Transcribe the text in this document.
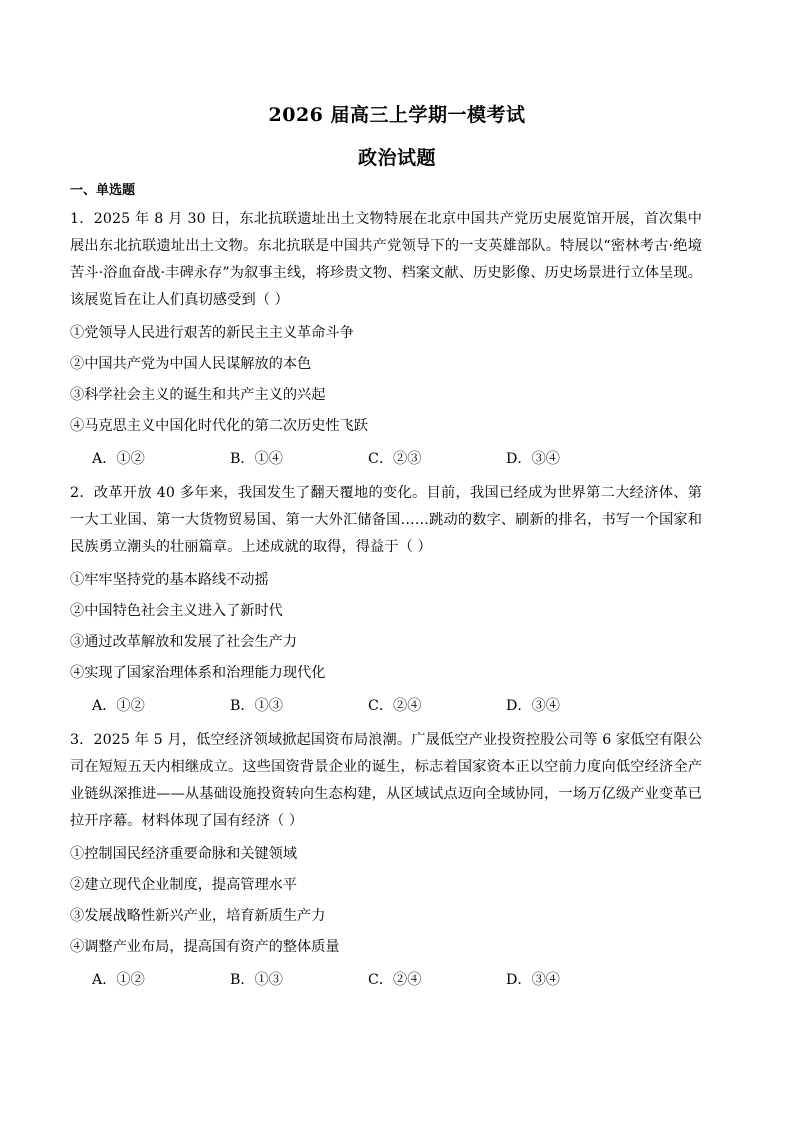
2026 届高三上学期一模考试
政治试题
一、单选题

1．2025 年 8 月 30 日，东北抗联遗址出土文物特展在北京中国共产党历史展览馆开展，首次集中展出东北抗联遗址出土文物。东北抗联是中国共产党领导下的一支英雄部队。特展以“密林考古·绝境苦斗·浴血奋战·丰碑永存”为叙事主线，将珍贵文物、档案文献、历史影像、历史场景进行立体呈现。该展览旨在让人们真切感受到（ ）

①党领导人民进行艰苦的新民主主义革命斗争
②中国共产党为中国人民谋解放的本色
③科学社会主义的诞生和共产主义的兴起
④马克思主义中国化时代化的第二次历史性飞跃
A．①②	B．①④	C．②③	D．③④

2．改革开放 40 多年来，我国发生了翻天覆地的变化。目前，我国已经成为世界第二大经济体、第一大工业国、第一大货物贸易国、第一大外汇储备国……跳动的数字、刷新的排名，书写一个国家和民族勇立潮头的壮丽篇章。上述成就的取得，得益于（ ）

①牢牢坚持党的基本路线不动摇
②中国特色社会主义进入了新时代
③通过改革解放和发展了社会生产力
④实现了国家治理体系和治理能力现代化
A．①②	B．①③	C．②④	D．③④

3．2025 年 5 月，低空经济领域掀起国资布局浪潮。广晟低空产业投资控股公司等 6 家低空有限公司在短短五天内相继成立。这些国资背景企业的诞生，标志着国家资本正以空前力度向低空经济全产业链纵深推进——从基础设施投资转向生态构建，从区域试点迈向全域协同，一场万亿级产业变革已拉开序幕。材料体现了国有经济（ ）

①控制国民经济重要命脉和关键领域
②建立现代企业制度，提高管理水平
③发展战略性新兴产业，培育新质生产力
④调整产业布局，提高国有资产的整体质量
A．①②	B．①③	C．②④	D．③④
